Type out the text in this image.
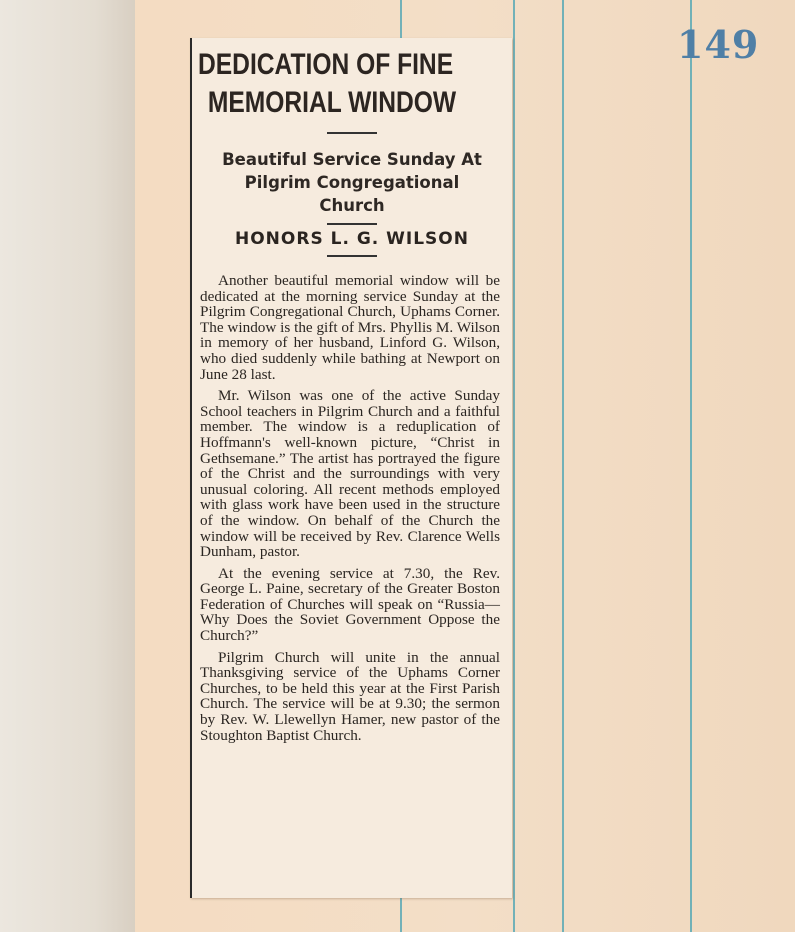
149
DEDICATION OF FINE
MEMORIAL WINDOW
Beautiful Service Sunday At
Pilgrim Congregational
Church
HONORS L. G. WILSON

Another beautiful memorial window will be dedicated at the morning service Sunday at the Pilgrim Congregational Church, Uphams Corner. The window is the gift of Mrs. Phyllis M. Wilson in memory of her husband, Linford G. Wilson, who died suddenly while bathing at Newport on June 28 last.

Mr. Wilson was one of the active Sunday School teachers in Pilgrim Church and a faithful member. The window is a reduplication of Hoffmann's well-known picture, “Christ in Gethsemane.” The artist has portrayed the figure of the Christ and the surroundings with very unusual coloring. All recent methods employed with glass work have been used in the structure of the window. On behalf of the Church the window will be received by Rev. Clarence Wells Dunham, pastor.

At the evening service at 7.30, the Rev. George L. Paine, secretary of the Greater Boston Federation of Churches will speak on “Russia—Why Does the Soviet Government Oppose the Church?”

Pilgrim Church will unite in the annual Thanksgiving service of the Uphams Corner Churches, to be held this year at the First Parish Church. The service will be at 9.30; the sermon by Rev. W. Llewellyn Hamer, new pastor of the Stoughton Baptist Church.
